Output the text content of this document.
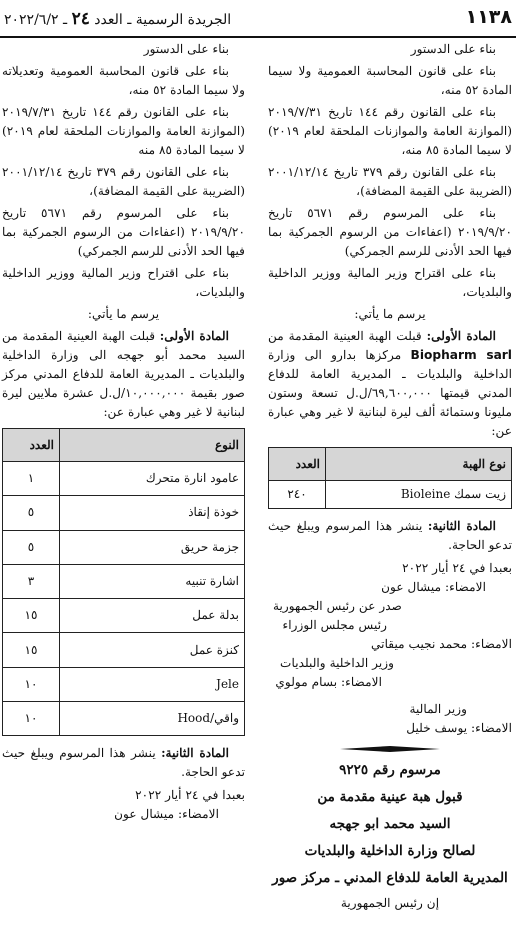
١١٣٨
الجريدة الرسمية ـ العدد ٢٤ ـ ٢٠٢٢/٦/٢

بناء على الدستور

بناء على قانون المحاسبة العمومية ولا سيما المادة ٥٢ منه،

بناء على القانون رقم ١٤٤ تاريخ ٢٠١٩/٧/٣١ (الموازنة العامة والموازنات الملحقة لعام ٢٠١٩) لا سيما المادة ٨٥ منه،

بناء على القانون رقم ٣٧٩ تاريخ ٢٠٠١/١٢/١٤ (الضريبة على القيمة المضافة)،

بناء على المرسوم رقم ٥٦٧١ تاريخ ٢٠١٩/٩/٢٠ (اعفاءات من الرسوم الجمركية بما فيها الحد الأدنى للرسم الجمركي)

بناء على اقتراح وزير المالية ووزير الداخلية والبلديات،

يرسم ما يأتي:

المادة الأولى: قبلت الهبة العينية المقدمة من Biopharm sarl مركزها بدارو الى وزارة الداخلية والبلديات ـ المديرية العامة للدفاع المدني قيمتها ٦٩,٦٠٠,٠٠٠/ل.ل تسعة وستون مليونا وستمائة ألف ليرة لبنانية لا غير وهي عبارة عن:

نوع الهبة	العدد
زيت سمك Bioleine	٢٤٠

المادة الثانية: ينشر هذا المرسوم ويبلغ حيث تدعو الحاجة.

بعبدا في ٢٤ أيار ٢٠٢٢
الامضاء: ميشال عون
صدر عن رئيس الجمهورية
رئيس مجلس الوزراء
الامضاء: محمد نجيب ميقاتي
وزير الداخلية والبلديات
الامضاء: بسام مولوي
وزير المالية
الامضاء: يوسف خليل

مرسوم رقم ٩٢٢٥

قبول هبة عينية مقدمة من

السيد محمد ابو جهجه

لصالح وزارة الداخلية والبلديات

المديرية العامة للدفاع المدني ـ مركز صور

إن رئيس الجمهورية

بناء على الدستور

بناء على قانون المحاسبة العمومية وتعديلاته ولا سيما المادة ٥٢ منه،

بناء على القانون رقم ١٤٤ تاريخ ٢٠١٩/٧/٣١ (الموازنة العامة والموازنات الملحقة لعام ٢٠١٩) لا سيما المادة ٨٥ منه

بناء على القانون رقم ٣٧٩ تاريخ ٢٠٠١/١٢/١٤ (الضريبة على القيمة المضافة)،

بناء على المرسوم رقم ٥٦٧١ تاريخ ٢٠١٩/٩/٢٠ (اعفاءات من الرسوم الجمركية بما فيها الحد الأدنى للرسم الجمركي)

بناء على اقتراح وزير المالية ووزير الداخلية والبلديات،

يرسم ما يأتي:

المادة الأولى: قبلت الهبة العينية المقدمة من السيد محمد أبو جهجه الى وزارة الداخلية والبلديات ـ المديرية العامة للدفاع المدني مركز صور بقيمة ١٠,٠٠٠,٠٠٠/ل.ل عشرة ملايين ليرة لبنانية لا غير وهي عبارة عن:

النوع	العدد
عامود انارة متحرك	١
خوذة إنقاذ	٥
جزمة حريق	٥
اشارة تنبيه	٣
بدلة عمل	١٥
كنزة عمل	١٥
Jele	١٠
واقي/Hood	١٠

المادة الثانية: ينشر هذا المرسوم ويبلغ حيث تدعو الحاجة.

بعبدا في ٢٤ أيار ٢٠٢٢
الامضاء: ميشال عون
